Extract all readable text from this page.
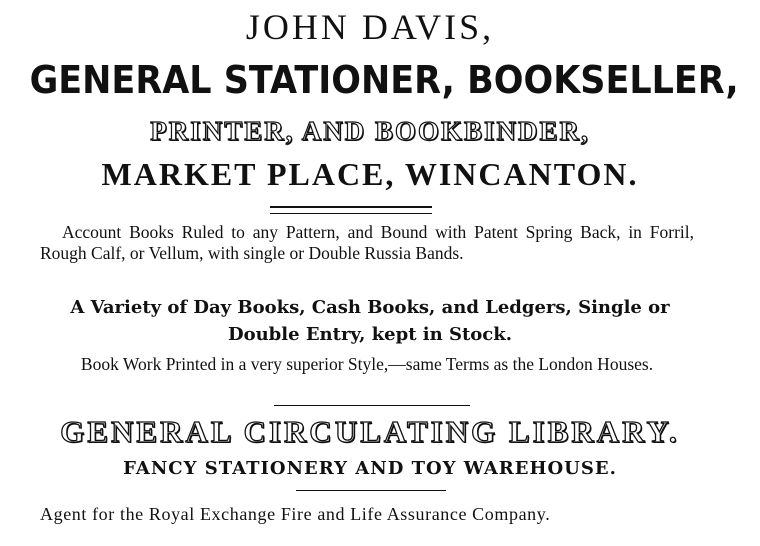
JOHN DAVIS,
GENERAL STATIONER, BOOKSELLER,
PRINTER, AND BOOKBINDER,
MARKET PLACE, WINCANTON.
Account Books Ruled to any Pattern, and Bound with Patent Spring Back, in Forril, Rough Calf, or Vellum, with single or Double Russia Bands.
A Variety of Day Books, Cash Books, and Ledgers, Single or Double Entry, kept in Stock.
Book Work Printed in a very superior Style,—same Terms as the London Houses.
GENERAL CIRCULATING LIBRARY.
FANCY STATIONERY AND TOY WAREHOUSE.
Agent for the Royal Exchange Fire and Life Assurance Company.
